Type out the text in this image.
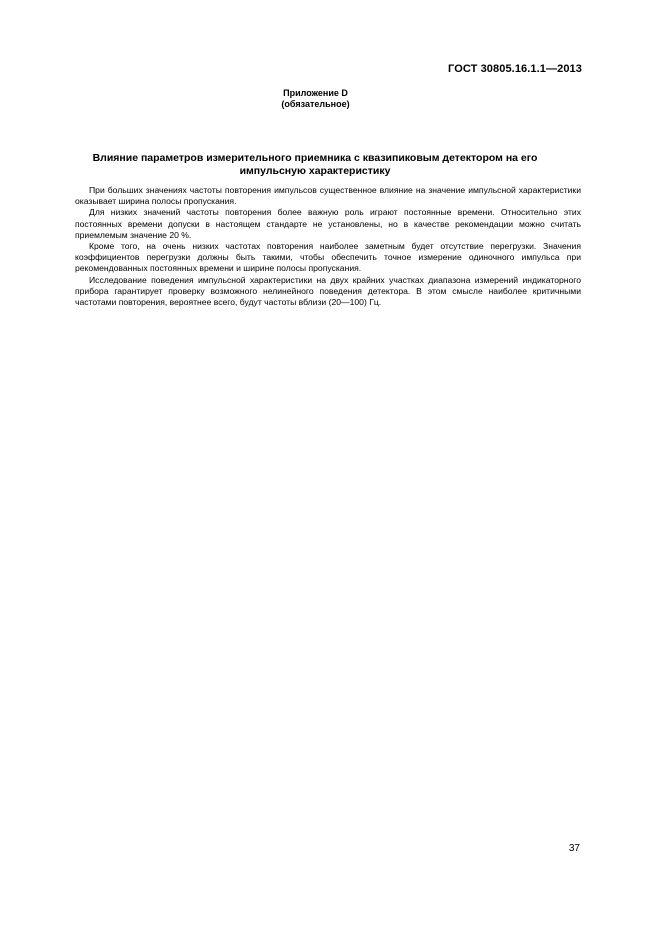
ГОСТ 30805.16.1.1—2013
Приложение D
(обязательное)
Влияние параметров измерительного приемника с квазипиковым детектором на его
импульсную характеристику

При больших значениях частоты повторения импульсов существенное влияние на значение импульсной характеристики оказывает ширина полосы пропускания.

Для низких значений частоты повторения более важную роль играют постоянные времени. Относительно этих постоянных времени допуски в настоящем стандарте не установлены, но в качестве рекомендации можно считать приемлемым значение 20 %.

Кроме того, на очень низких частотах повторения наиболее заметным будет отсутствие перегрузки. Значения коэффициентов перегрузки должны быть такими, чтобы обеспечить точное измерение одиночного импульса при рекомендованных постоянных времени и ширине полосы пропускания.

Исследование поведения импульсной характеристики на двух крайних участках диапазона измерений индикаторного прибора гарантирует проверку возможного нелинейного поведения детектора. В этом смысле наиболее критичными частотами повторения, вероятнее всего, будут частоты вблизи (20—100) Гц.

37
